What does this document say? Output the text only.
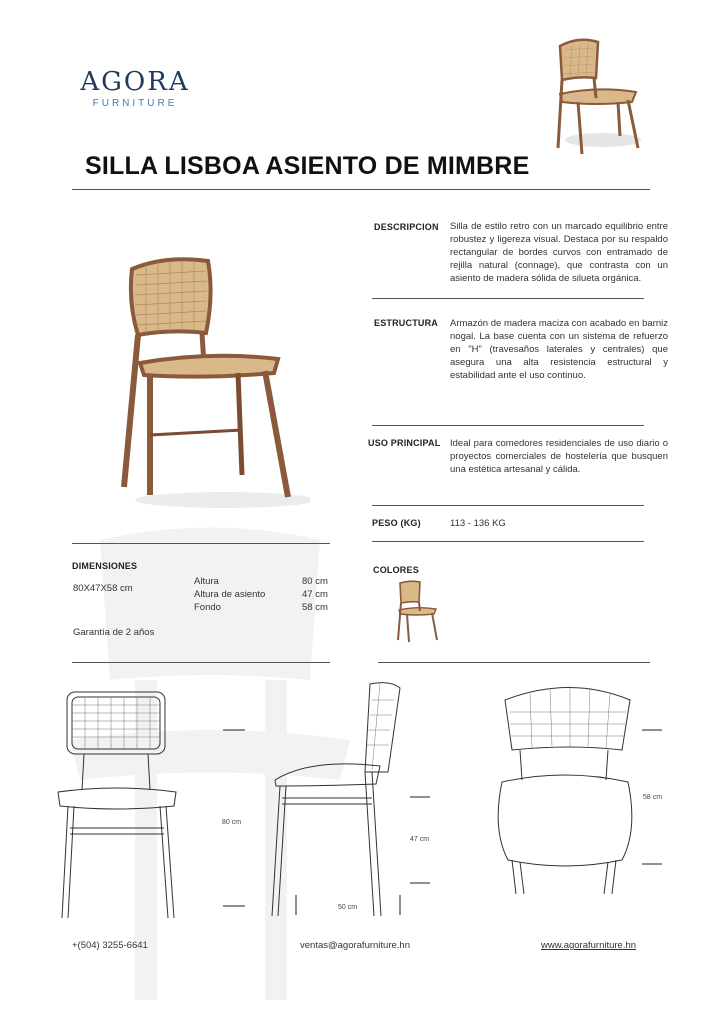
AGORA
FURNITURE
SILLA LISBOA ASIENTO DE MIMBRE
DESCRIPCION Silla de estilo retro con un marcado equilibrio entre robustez y ligereza visual. Destaca por su respaldo rectangular de bordes curvos con entramado de rejilla natural (connage), que contrasta con un asiento de madera sólida de silueta orgánica.
ESTRUCTURA Armazón de madera maciza con acabado en barniz nogal. La base cuenta con un sistema de refuerzo en "H" (travesaños laterales y centrales) que asegura una alta resistencia estructural y estabilidad ante el uso continuo.
USO PRINCIPAL Ideal para comedores residenciales de uso diario o proyectos comerciales de hostelería que busquen una estética artesanal y cálida.
PESO (KG)	113 - 136 KG
DIMENSIONES
80X47X58 cm
Altura	80 cm
Altura de asiento	47 cm
Fondo	58 cm
Garantía de 2 años
COLORES
80 cm
47 cm
50 cm
58 cm
+(504) 3255-6641	ventas@agorafurniture.hn	www.agorafurniture.hn
